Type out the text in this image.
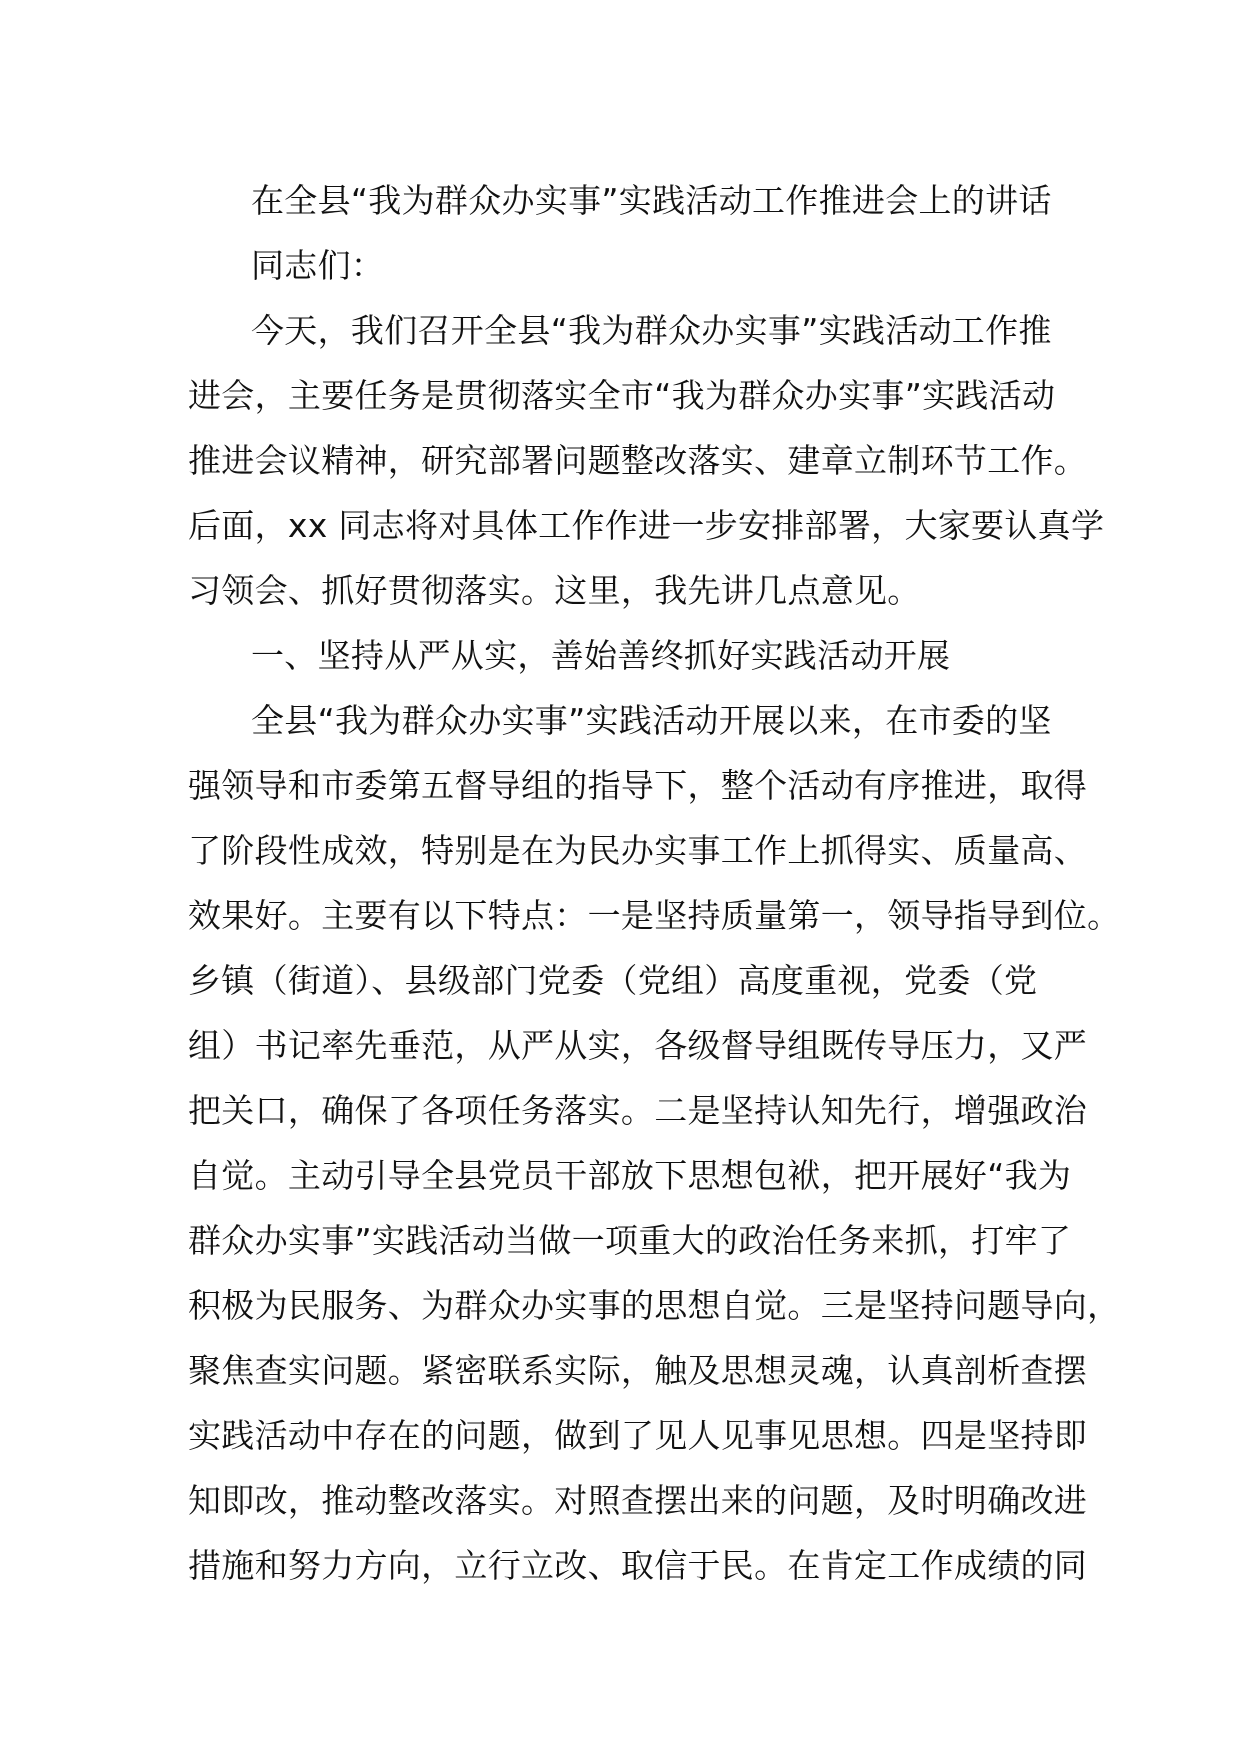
在全县“我为群众办实事”实践活动工作推进会上的讲话
同志们：
今天，我们召开全县“我为群众办实事”实践活动工作推
进会，主要任务是贯彻落实全市“我为群众办实事”实践活动
推进会议精神，研究部署问题整改落实、建章立制环节工作。
后面，xx 同志将对具体工作作进一步安排部署，大家要认真学
习领会、抓好贯彻落实。这里，我先讲几点意见。
一、坚持从严从实，善始善终抓好实践活动开展
全县“我为群众办实事”实践活动开展以来，在市委的坚
强领导和市委第五督导组的指导下，整个活动有序推进，取得
了阶段性成效，特别是在为民办实事工作上抓得实、质量高、
效果好。主要有以下特点：一是坚持质量第一，领导指导到位。
乡镇（街道）、县级部门党委（党组）高度重视，党委（党
组）书记率先垂范，从严从实，各级督导组既传导压力，又严
把关口，确保了各项任务落实。二是坚持认知先行，增强政治
自觉。主动引导全县党员干部放下思想包袱，把开展好“我为
群众办实事”实践活动当做一项重大的政治任务来抓，打牢了
积极为民服务、为群众办实事的思想自觉。三是坚持问题导向，
聚焦查实问题。紧密联系实际，触及思想灵魂，认真剖析查摆
实践活动中存在的问题，做到了见人见事见思想。四是坚持即
知即改，推动整改落实。对照查摆出来的问题，及时明确改进
措施和努力方向，立行立改、取信于民。在肯定工作成绩的同
